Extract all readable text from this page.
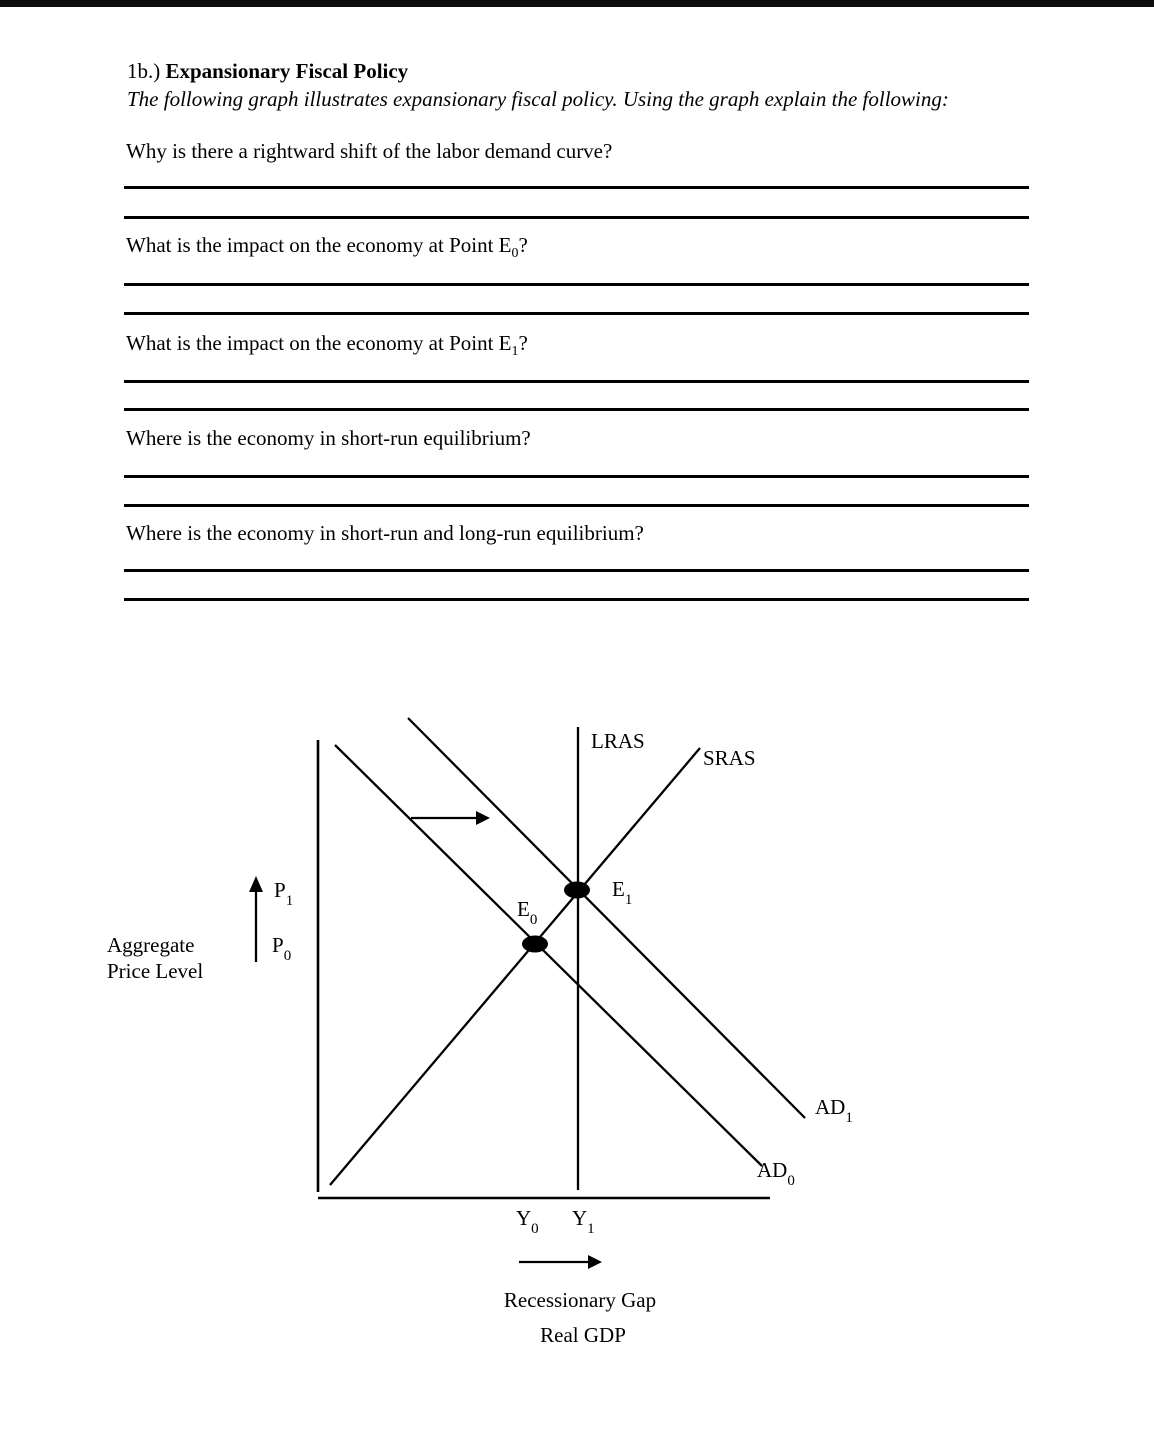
1b.) Expansionary Fiscal Policy
The following graph illustrates expansionary fiscal policy. Using the graph explain the following:
Why is there a rightward shift of the labor demand curve?
What is the impact on the economy at Point $E_0$?
What is the impact on the economy at Point $E_1$?
Where is the economy in short-run equilibrium?
Where is the economy in short-run and long-run equilibrium?
LRAS
SRAS
$AD_1$
$AD_0$
$E_0$
$E_1$
$P_1$
$P_0$
Aggregate
Price Level
$Y_0$ $Y_1$
Recessionary Gap
Real GDP
